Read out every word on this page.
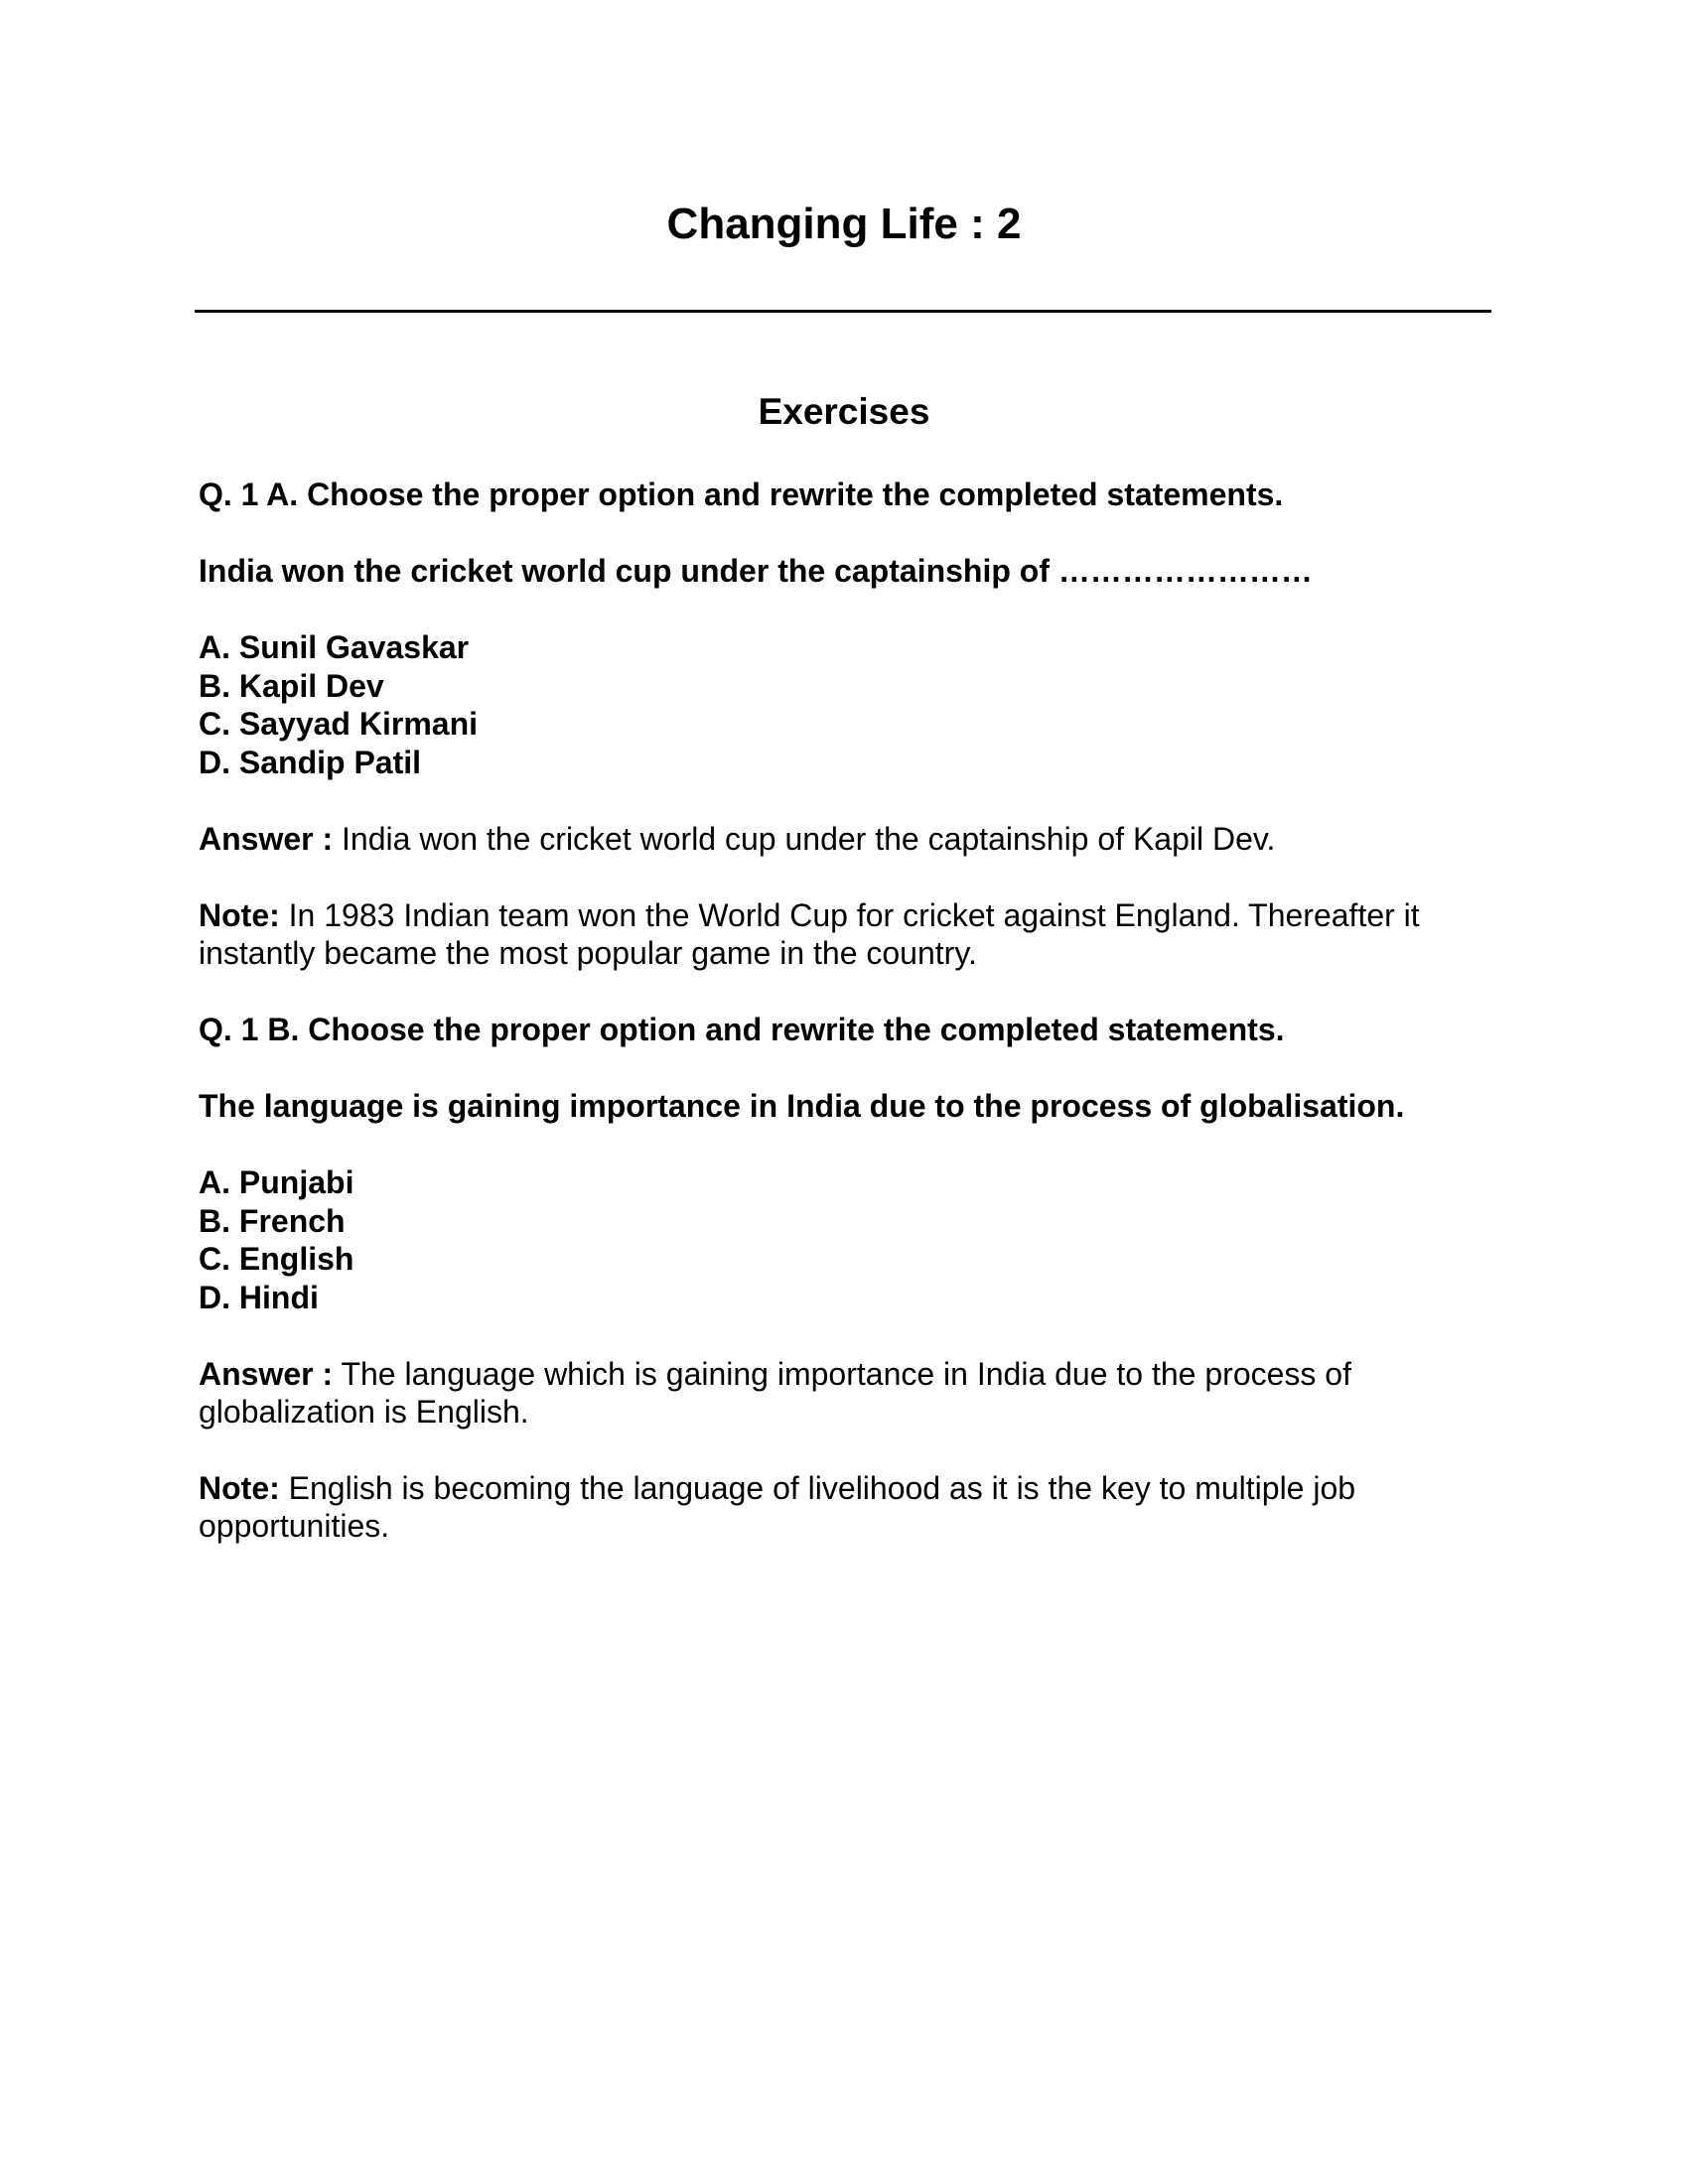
Changing Life : 2
Exercises

Q. 1 A. Choose the proper option and rewrite the completed statements.

India won the cricket world cup under the captainship of ……………………

A. Sunil Gavaskar
B. Kapil Dev
C. Sayyad Kirmani
D. Sandip Patil

Answer : India won the cricket world cup under the captainship of Kapil Dev.

Note: In 1983 Indian team won the World Cup for cricket against England. Thereafter it instantly became the most popular game in the country.

Q. 1 B. Choose the proper option and rewrite the completed statements.

The language is gaining importance in India due to the process of globalisation.

A. Punjabi
B. French
C. English
D. Hindi

Answer : The language which is gaining importance in India due to the process of globalization is English.

Note: English is becoming the language of livelihood as it is the key to multiple job opportunities.
